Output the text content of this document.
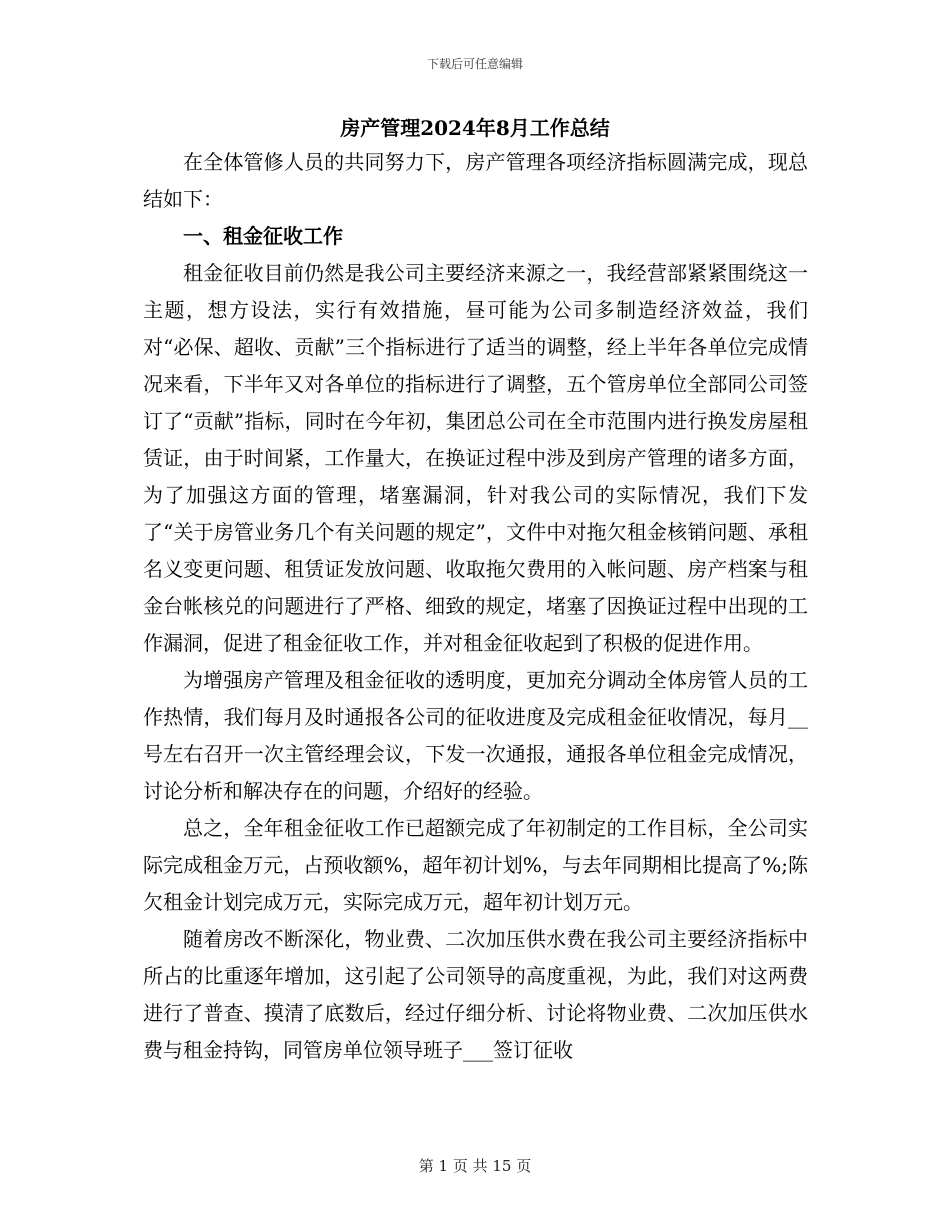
下载后可任意编辑
房产管理2024年8月工作总结

在全体管修人员的共同努力下，房产管理各项经济指标圆满完成，现总结如下：

一、租金征收工作

租金征收目前仍然是我公司主要经济来源之一，我经营部紧紧围绕这一主题，想方设法，实行有效措施，昼可能为公司多制造经济效益，我们对“必保、超收、贡献”三个指标进行了适当的调整，经上半年各单位完成情况来看，下半年又对各单位的指标进行了调整，五个管房单位全部同公司签订了“贡献”指标，同时在今年初，集团总公司在全市范围内进行换发房屋租赁证，由于时间紧，工作量大，在换证过程中涉及到房产管理的诸多方面，为了加强这方面的管理，堵塞漏洞，针对我公司的实际情况，我们下发了“关于房管业务几个有关问题的规定”，文件中对拖欠租金核销问题、承租名义变更问题、租赁证发放问题、收取拖欠费用的入帐问题、房产档案与租金台帐核兑的问题进行了严格、细致的规定，堵塞了因换证过程中出现的工作漏洞，促进了租金征收工作，并对租金征收起到了积极的促进作用。

为增强房产管理及租金征收的透明度，更加充分调动全体房管人员的工作热情，我们每月及时通报各公司的征收进度及完成租金征收情况，每月__号左右召开一次主管经理会议，下发一次通报，通报各单位租金完成情况，讨论分析和解决存在的问题，介绍好的经验。

总之，全年租金征收工作已超额完成了年初制定的工作目标，全公司实际完成租金万元，占预收额%，超年初计划%，与去年同期相比提高了%;陈欠租金计划完成万元，实际完成万元，超年初计划万元。

随着房改不断深化，物业费、二次加压供水费在我公司主要经济指标中所占的比重逐年增加，这引起了公司领导的高度重视，为此，我们对这两费进行了普查、摸清了底数后，经过仔细分析、讨论将物业费、二次加压供水费与租金持钩，同管房单位领导班子___签订征收

第 1 页 共 15 页
